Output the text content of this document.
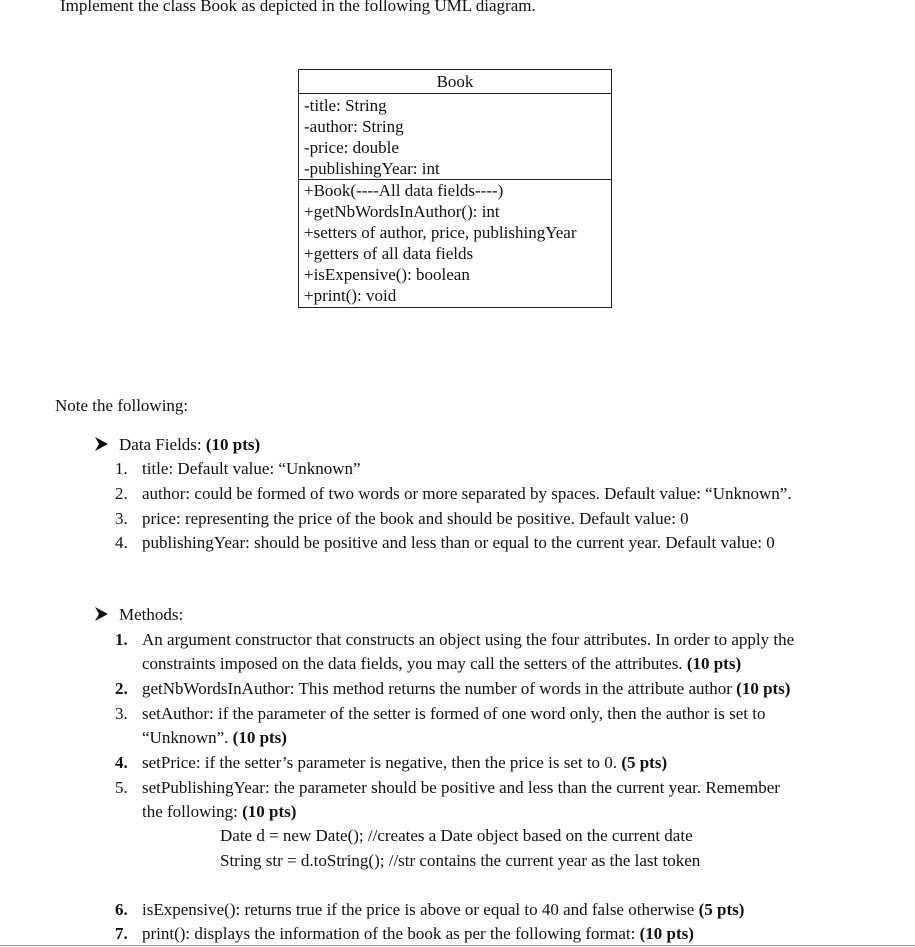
Implement the class Book as depicted in the following UML diagram.
Book
-title: String
-author: String
-price: double
-publishingYear: int
+Book(----All data fields----)
+getNbWordsInAuthor(): int
+setters of author, price, publishingYear
+getters of all data fields
+isExpensive(): boolean
+print(): void
Note the following:
Data Fields: (10 pts)
1. title: Default value: “Unknown”
2. author: could be formed of two words or more separated by spaces. Default value: “Unknown”.
3. price: representing the price of the book and should be positive. Default value: 0
4. publishingYear: should be positive and less than or equal to the current year. Default value: 0
Methods:
1. An argument constructor that constructs an object using the four attributes. In order to apply the
constraints imposed on the data fields, you may call the setters of the attributes. (10 pts)
2. getNbWordsInAuthor: This method returns the number of words in the attribute author (10 pts)
3. setAuthor: if the parameter of the setter is formed of one word only, then the author is set to
“Unknown”. (10 pts)
4. setPrice: if the setter’s parameter is negative, then the price is set to 0. (5 pts)
5. setPublishingYear: the parameter should be positive and less than the current year. Remember
the following: (10 pts)
Date d = new Date(); //creates a Date object based on the current date
String str = d.toString(); //str contains the current year as the last token
6. isExpensive(): returns true if the price is above or equal to 40 and false otherwise (5 pts)
7. print(): displays the information of the book as per the following format: (10 pts)
